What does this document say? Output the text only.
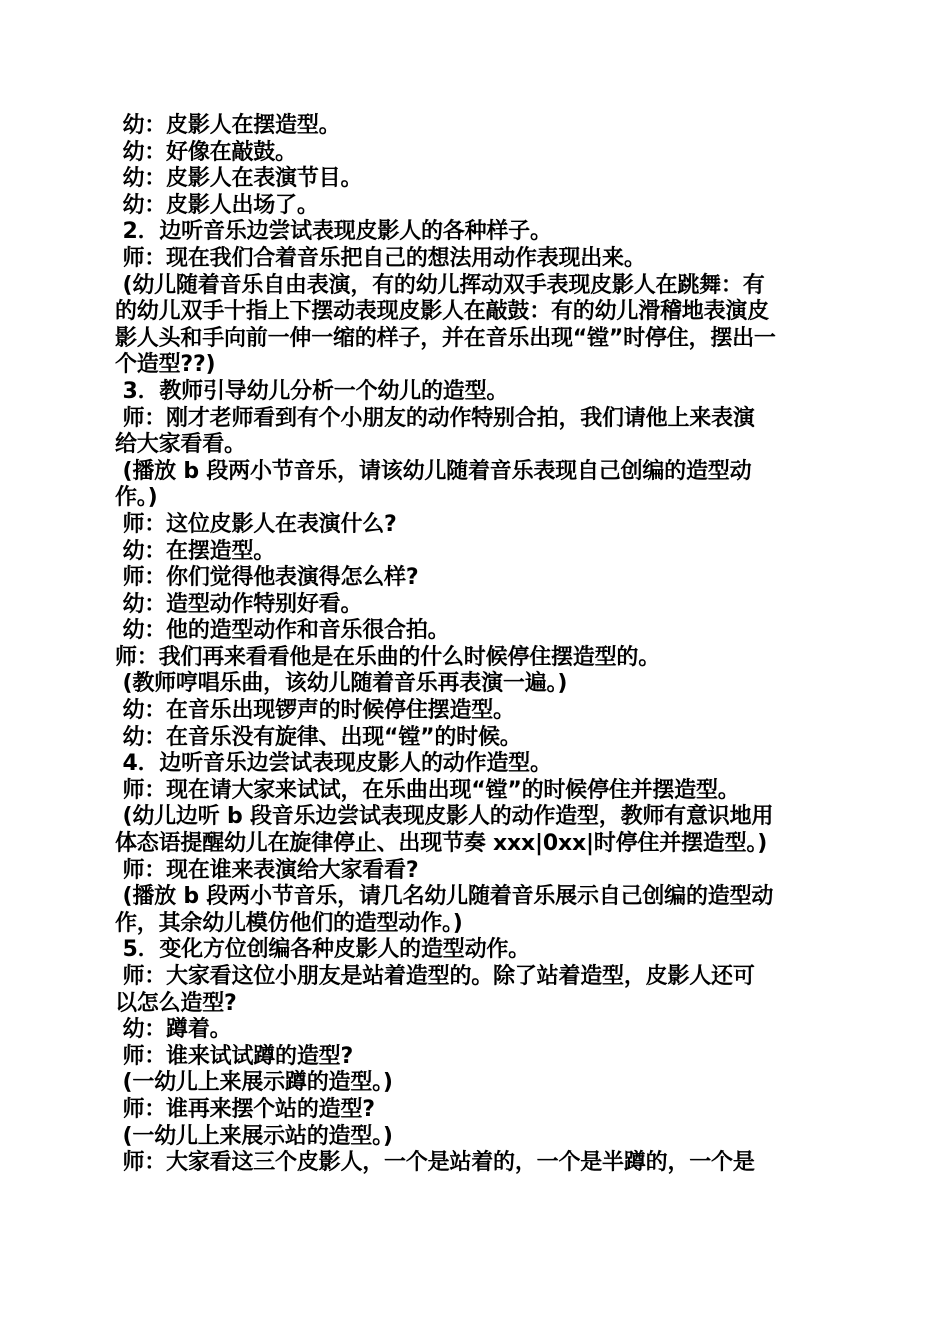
幼：皮影人在摆造型。
幼：好像在敲鼓。
幼：皮影人在表演节目。
幼：皮影人出场了。
2．边听音乐边尝试表现皮影人的各种样子。
师：现在我们合着音乐把自己的想法用动作表现出来。
(幼儿随着音乐自由表演，有的幼儿挥动双手表现皮影人在跳舞：有
的幼儿双手十指上下摆动表现皮影人在敲鼓：有的幼儿滑稽地表演皮
影人头和手向前一伸一缩的样子，并在音乐出现“镗”时停住，摆出一
个造型??)
3．教师引导幼儿分析一个幼儿的造型。
师：刚才老师看到有个小朋友的动作特别合拍，我们请他上来表演
给大家看看。
(播放 b 段两小节音乐，请该幼儿随着音乐表现自己创编的造型动
作。)
师：这位皮影人在表演什么?
幼：在摆造型。
师：你们觉得他表演得怎么样?
幼：造型动作特别好看。
幼：他的造型动作和音乐很合拍。
师：我们再来看看他是在乐曲的什么时候停住摆造型的。
(教师哼唱乐曲，该幼儿随着音乐再表演一遍。)
幼：在音乐出现锣声的时候停住摆造型。
幼：在音乐没有旋律、出现“镗”的时候。
4．边听音乐边尝试表现皮影人的动作造型。
师：现在请大家来试试，在乐曲出现“镗”的时候停住并摆造型。
(幼儿边听 b 段音乐边尝试表现皮影人的动作造型，教师有意识地用
体态语提醒幼儿在旋律停止、出现节奏 xxx|0xx|时停住并摆造型。)
师：现在谁来表演给大家看看?
(播放 b 段两小节音乐，请几名幼儿随着音乐展示自己创编的造型动
作，其余幼儿模仿他们的造型动作。)
5．变化方位创编各种皮影人的造型动作。
师：大家看这位小朋友是站着造型的。除了站着造型，皮影人还可
以怎么造型?
幼：蹲着。
师：谁来试试蹲的造型?
(一幼儿上来展示蹲的造型。)
师：谁再来摆个站的造型?
(一幼儿上来展示站的造型。)
师：大家看这三个皮影人，一个是站着的，一个是半蹲的，一个是
